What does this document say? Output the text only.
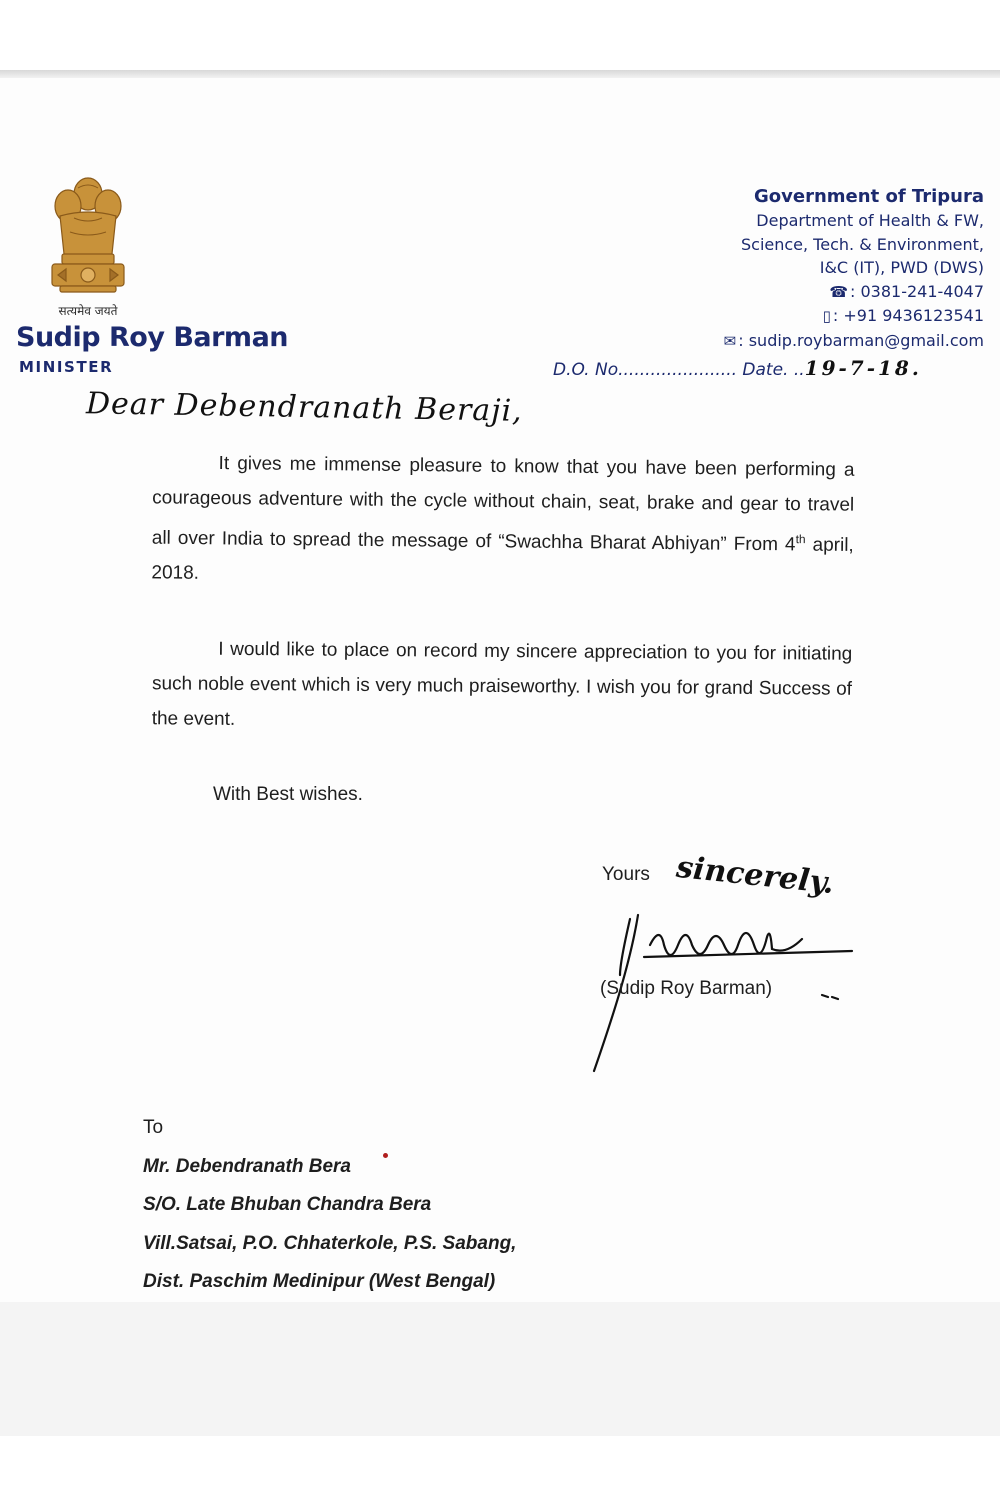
सत्यमेव जयते
Sudip Roy Barman
MINISTER
Government of Tripura
Department of Health & FW,
Science, Tech. & Environment,
I&C (IT), PWD (DWS)
☎ : 0381-241-4047
▯ : +91 9436123541
✉ : sudip.roybarman@gmail.com
D.O. No...................... Date. ..19-7-18.
Dear Debendranath Beraji,
It gives me immense pleasure to know that you have been performing a courageous adventure with the cycle without chain, seat, brake and gear to travel all over India to spread the message of “Swachha Bharat Abhiyan” From 4th april, 2018.
I would like to place on record my sincere appreciation to you for initiating such noble event which is very much praiseworthy. I wish you for grand Success of the event.
With Best wishes.
Yours sincerely.
(Sudip Roy Barman)
To
Mr. Debendranath Bera
S/O. Late Bhuban Chandra Bera
Vill.Satsai, P.O. Chhaterkole, P.S. Sabang,
Dist. Paschim Medinipur (West Bengal)
